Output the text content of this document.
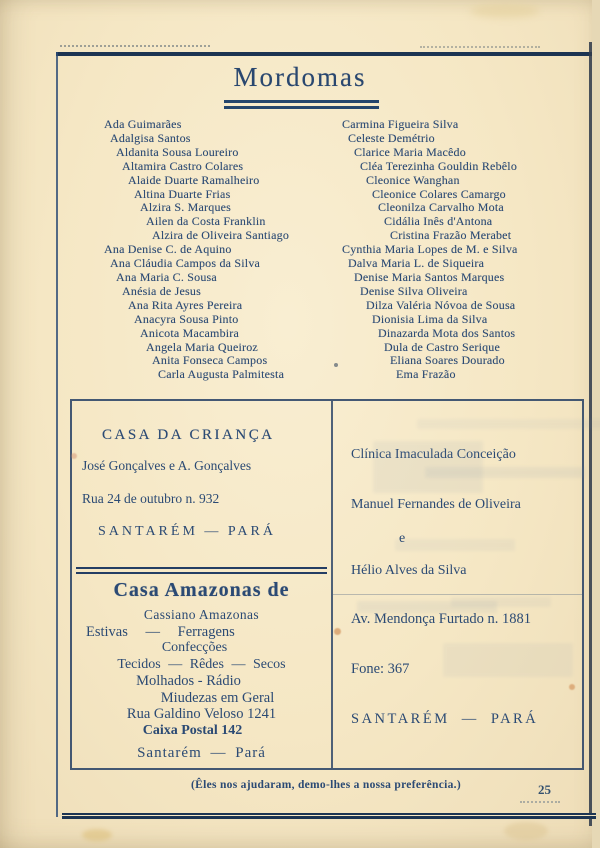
Mordomas
Ada Guimarães
Adalgisa Santos
Aldanita Sousa Loureiro
Altamira Castro Colares
Alaide Duarte Ramalheiro
Altina Duarte Frias
Alzira S. Marques
Ailen da Costa Franklin
Alzira de Oliveira Santiago
Ana Denise C. de Aquino
Ana Cláudia Campos da Silva
Ana Maria C. Sousa
Anésia de Jesus
Ana Rita Ayres Pereira
Anacyra Sousa Pinto
Anicota Macambira
Angela Maria Queiroz
Anita Fonseca Campos
Carla Augusta Palmitesta
Carmina Figueira Silva
Celeste Demétrio
Clarice Maria Macêdo
Cléa Terezinha Gouldin Rebêlo
Cleonice Wanghan
Cleonice Colares Camargo
Cleonilza Carvalho Mota
Cidália Inês d'Antona
Cristina Frazão Merabet
Cynthia Maria Lopes de M. e Silva
Dalva Maria L. de Siqueira
Denise Maria Santos Marques
Denise Silva Oliveira
Dilza Valéria Nóvoa de Sousa
Dionisia Lima da Silva
Dinazarda Mota dos Santos
Dula de Castro Serique
Eliana Soares Dourado
Ema Frazão
CASA DA CRIANÇA
José Gonçalves e A. Gonçalves
Rua 24 de outubro n. 932
SANTARÉM — PARÁ
Casa Amazonas de
Cassiano Amazonas
Estivas — Ferragens
Confecções
Tecidos — Rêdes — Secos
Molhados - Rádio
Miudezas em Geral
Rua Galdino Veloso 1241
Caixa Postal 142
Santarém — Pará
Clínica Imaculada Conceição
Manuel Fernandes de Oliveira
e
Hélio Alves da Silva
Av. Mendonça Furtado n. 1881
Fone: 367
SANTARÉM — PARÁ
(Êles nos ajudaram, demo-lhes a nossa preferência.)	25
